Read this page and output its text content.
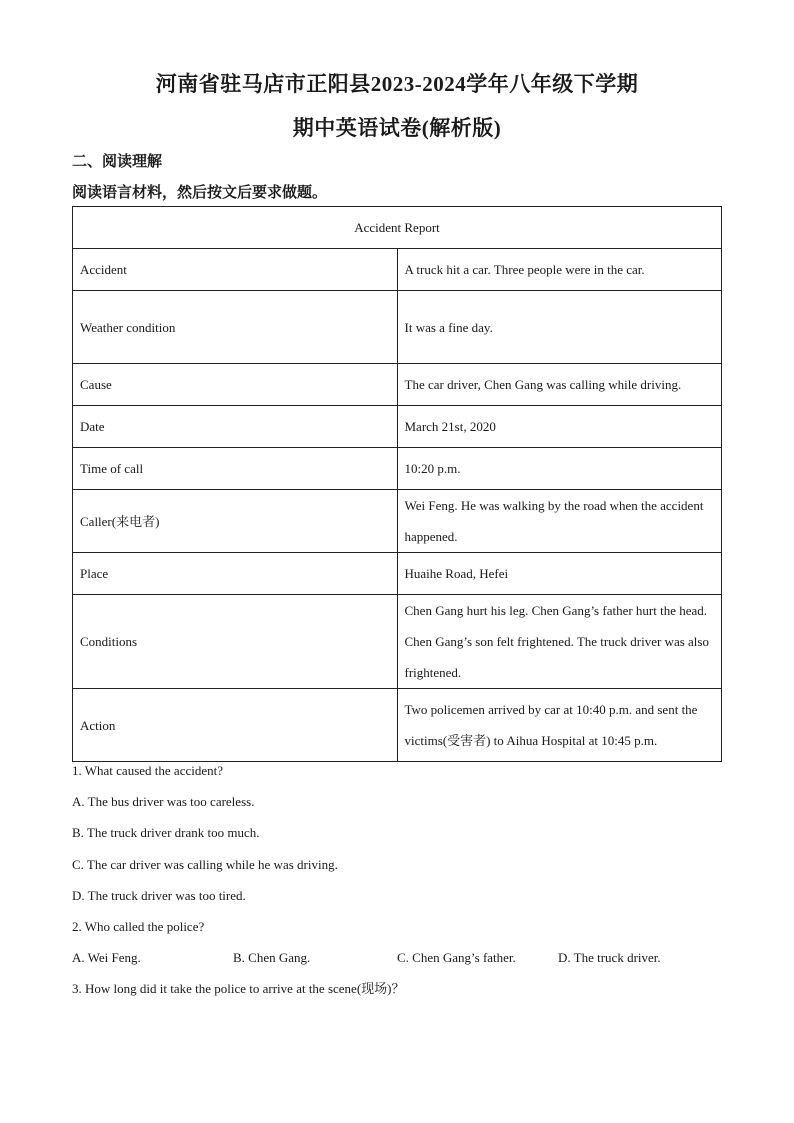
河南省驻马店市正阳县2023-2024学年八年级下学期
期中英语试卷(解析版)
二、阅读理解
阅读语言材料，然后按文后要求做题。
Accident Report	
Accident	A truck hit a car. Three people were in the car.
Weather condition	It was a fine day.
Cause	The car driver, Chen Gang was calling while driving.
Date	March 21st, 2020
Time of call	10:20 p.m.
Caller(来电者)	Wei Feng. He was walking by the road when the accident happened.
Place	Huaihe Road, Hefei
Conditions	Chen Gang hurt his leg. Chen Gang’s father hurt the head. Chen Gang’s son felt frightened. The truck driver was also frightened.
Action	Two policemen arrived by car at 10:40 p.m. and sent the victims(受害者) to Aihua Hospital at 10:45 p.m.
1. What caused the accident?
A. The bus driver was too careless.
B. The truck driver drank too much.
C. The car driver was calling while he was driving.
D. The truck driver was too tired.
2. Who called the police?
A. Wei Feng.	B. Chen Gang.	C. Chen Gang’s father.	D. The truck driver.
3. How long did it take the police to arrive at the scene(现场)？
